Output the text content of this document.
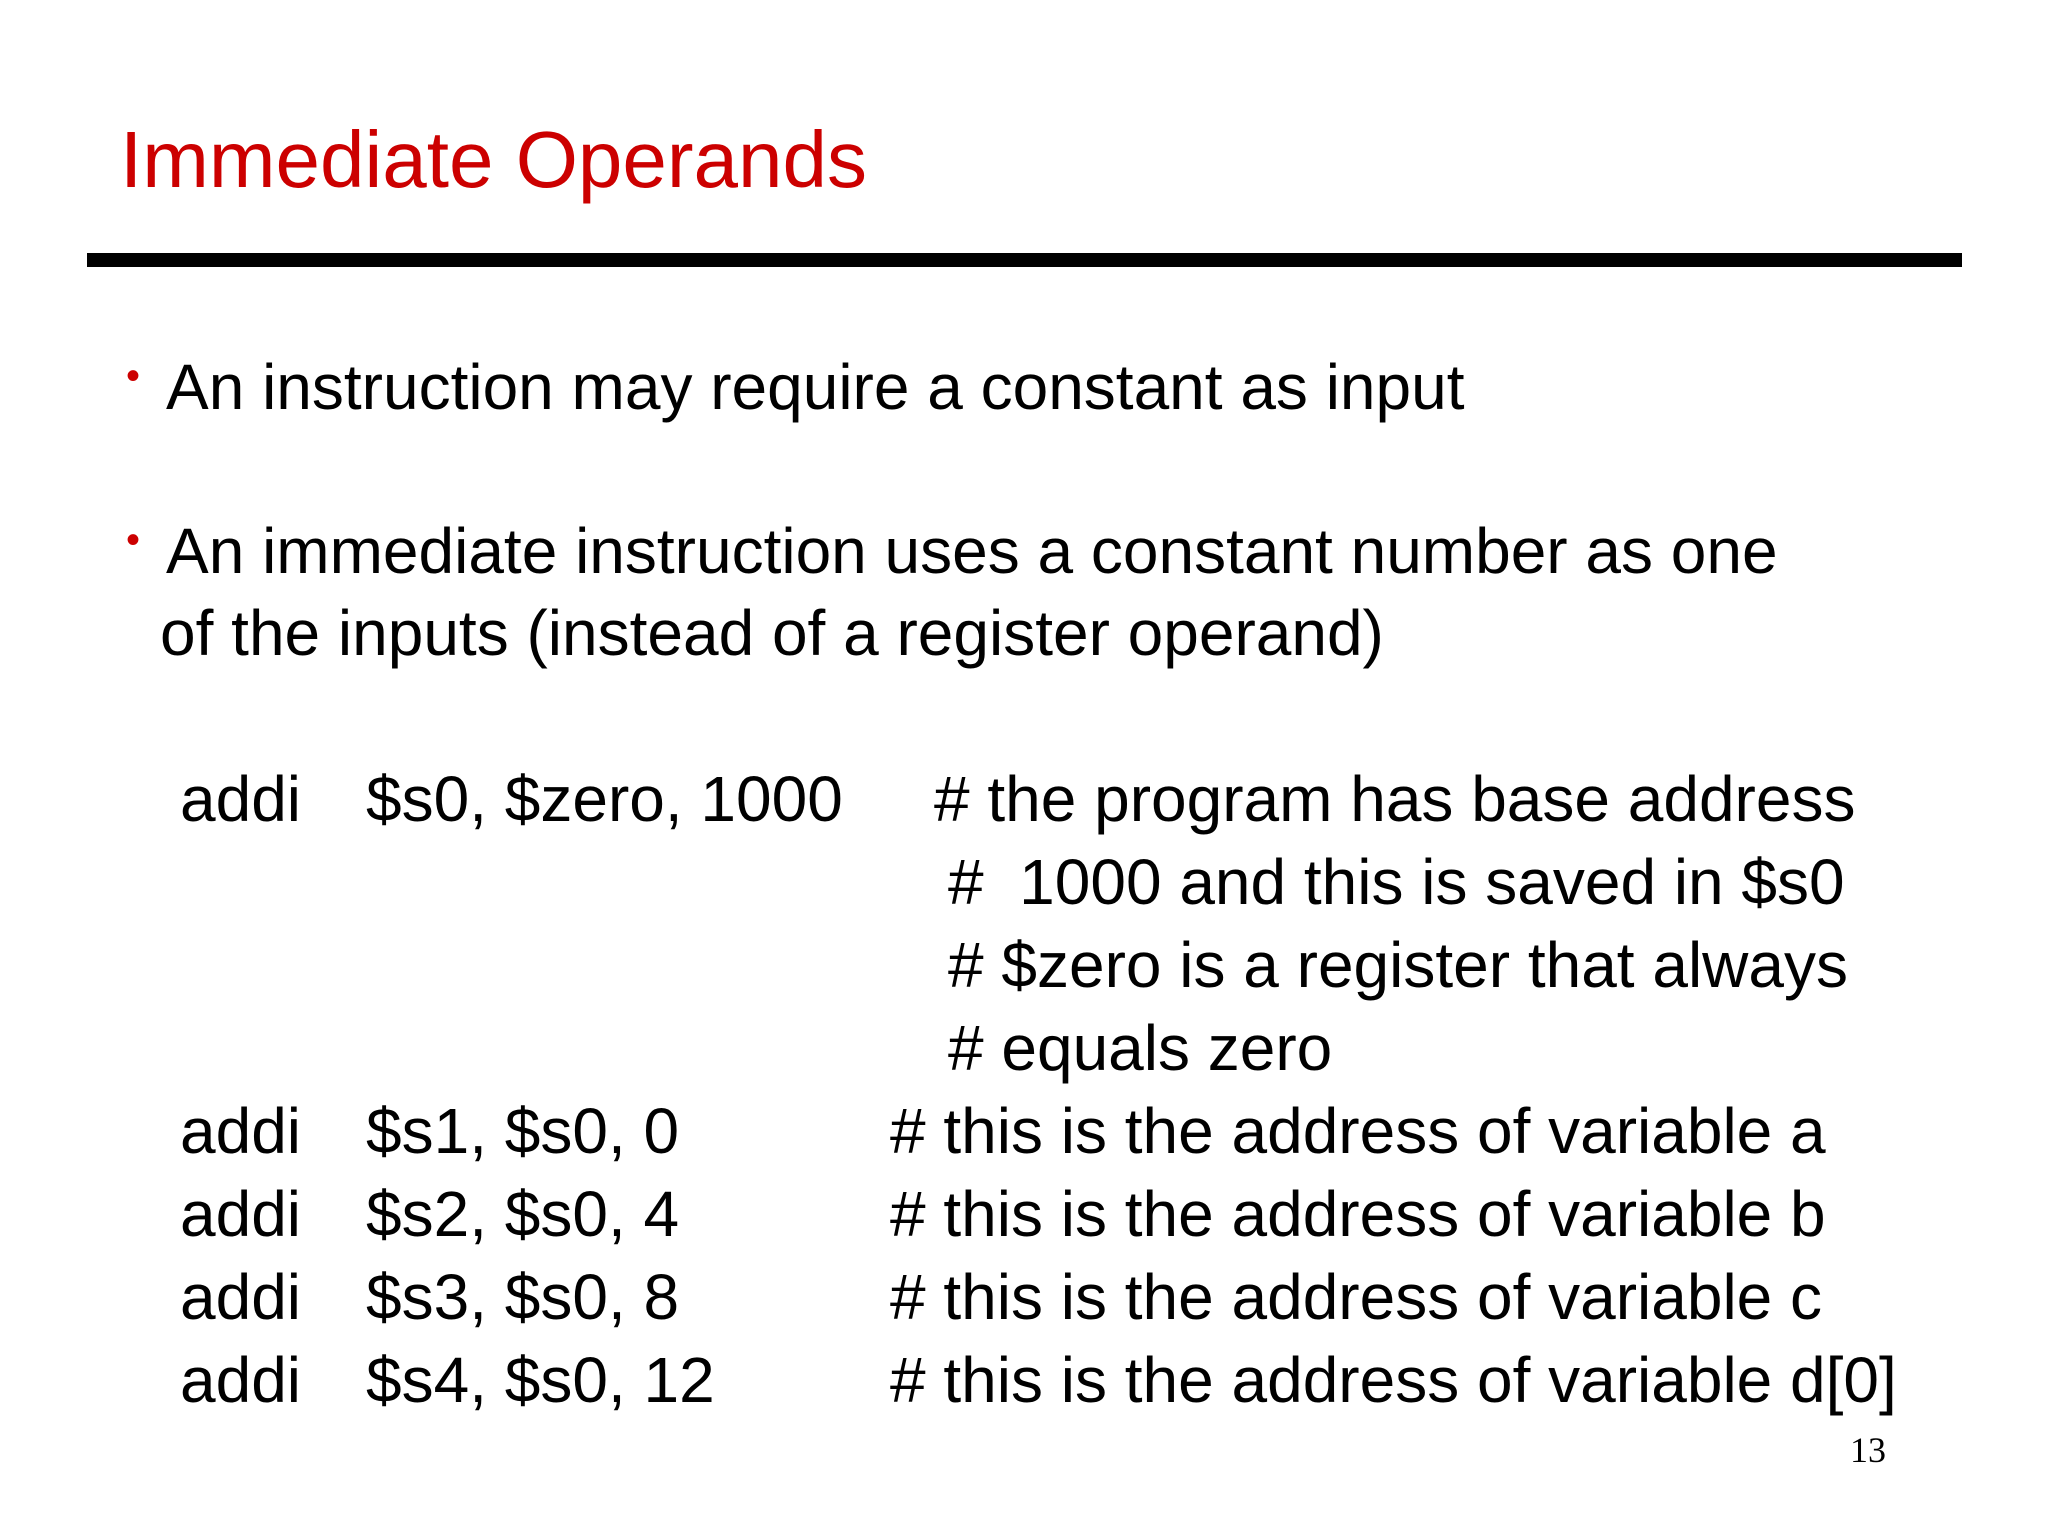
Immediate Operands
• An instruction may require a constant as input
• An immediate instruction uses a constant number as one
of the inputs (instead of a register operand)
addi $s0, $zero, 1000 # the program has base address
#  1000 and this is saved in $s0
# $zero is a register that always
# equals zero
addi $s1, $s0, 0	# this is the address of variable a
addi $s2, $s0, 4	# this is the address of variable b
addi $s3, $s0, 8	# this is the address of variable c
addi $s4, $s0, 12	# this is the address of variable d[0]
13
